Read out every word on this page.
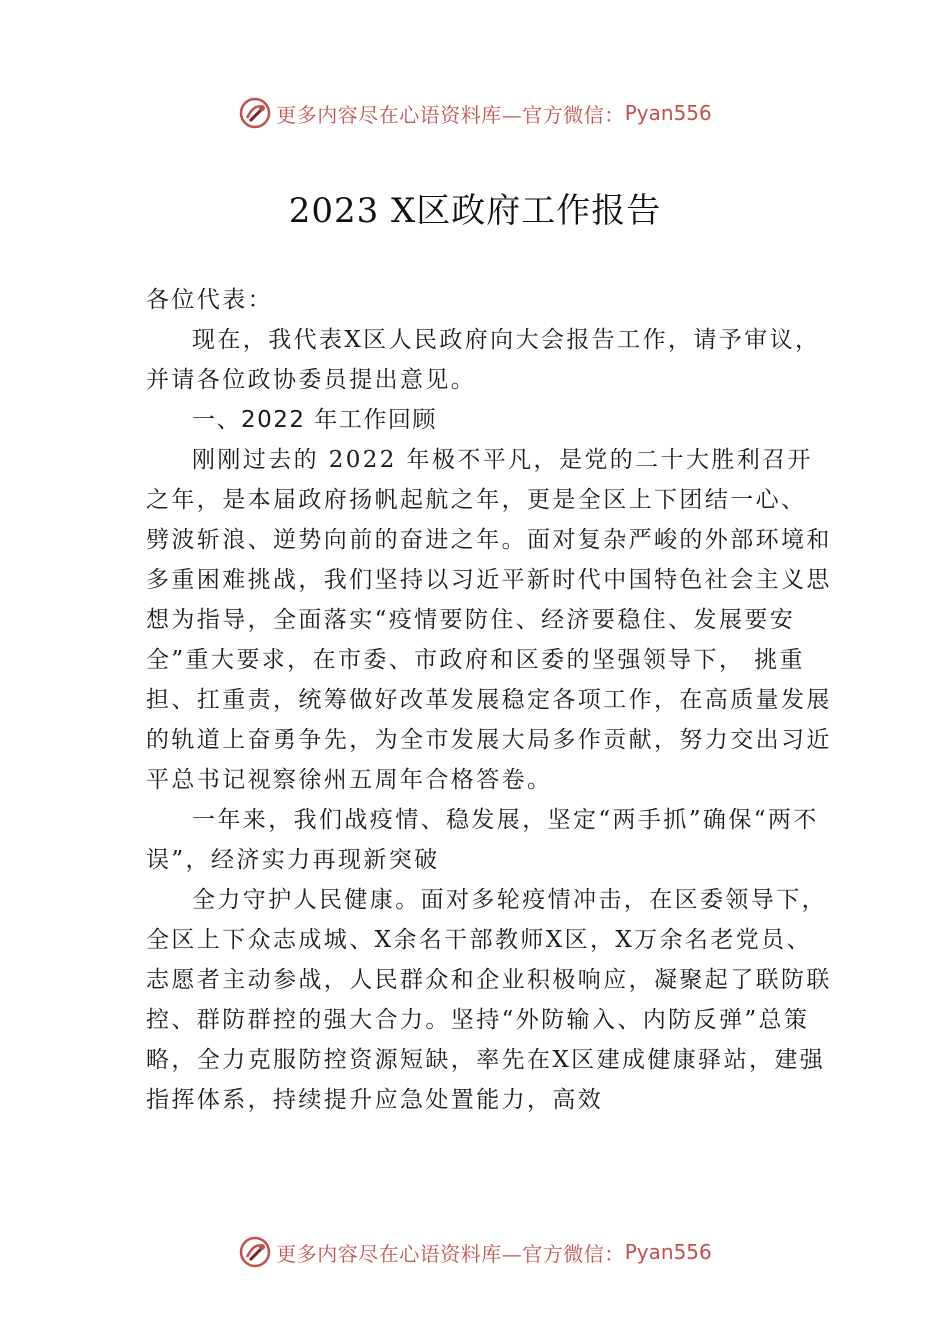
更多内容尽在心语资料库—官方微信： Pyan556
2023 X区政府工作报告

各位代表：

现在，我代表X区人民政府向大会报告工作，请予审议，并请各位政协委员提出意见。

一、2022 年工作回顾

刚刚过去的 2022 年极不平凡，是党的二十大胜利召开之年，是本届政府扬帆起航之年，更是全区上下团结一心、 劈波斩浪、逆势向前的奋进之年。面对复杂严峻的外部环境和多重困难挑战，我们坚持以习近平新时代中国特色社会主义思想为指导，全面落实“疫情要防住、经济要稳住、发展要安全”重大要求，在市委、市政府和区委的坚强领导下， 挑重担、扛重责，统筹做好改革发展稳定各项工作，在高质量发展的轨道上奋勇争先，为全市发展大局多作贡献，努力交出习近平总书记视察徐州五周年合格答卷。

一年来，我们战疫情、稳发展，坚定“两手抓”确保“两不误”，经济实力再现新突破

全力守护人民健康。面对多轮疫情冲击，在区委领导下，全区上下众志成城、X余名干部教师X区，X万余名老党员、志愿者主动参战，人民群众和企业积极响应，凝聚起了联防联控、群防群控的强大合力。坚持“外防输入、内防反弹”总策略，全力克服防控资源短缺，率先在X区建成健康驿站，建强指挥体系，持续提升应急处置能力，高效

更多内容尽在心语资料库—官方微信： Pyan556
